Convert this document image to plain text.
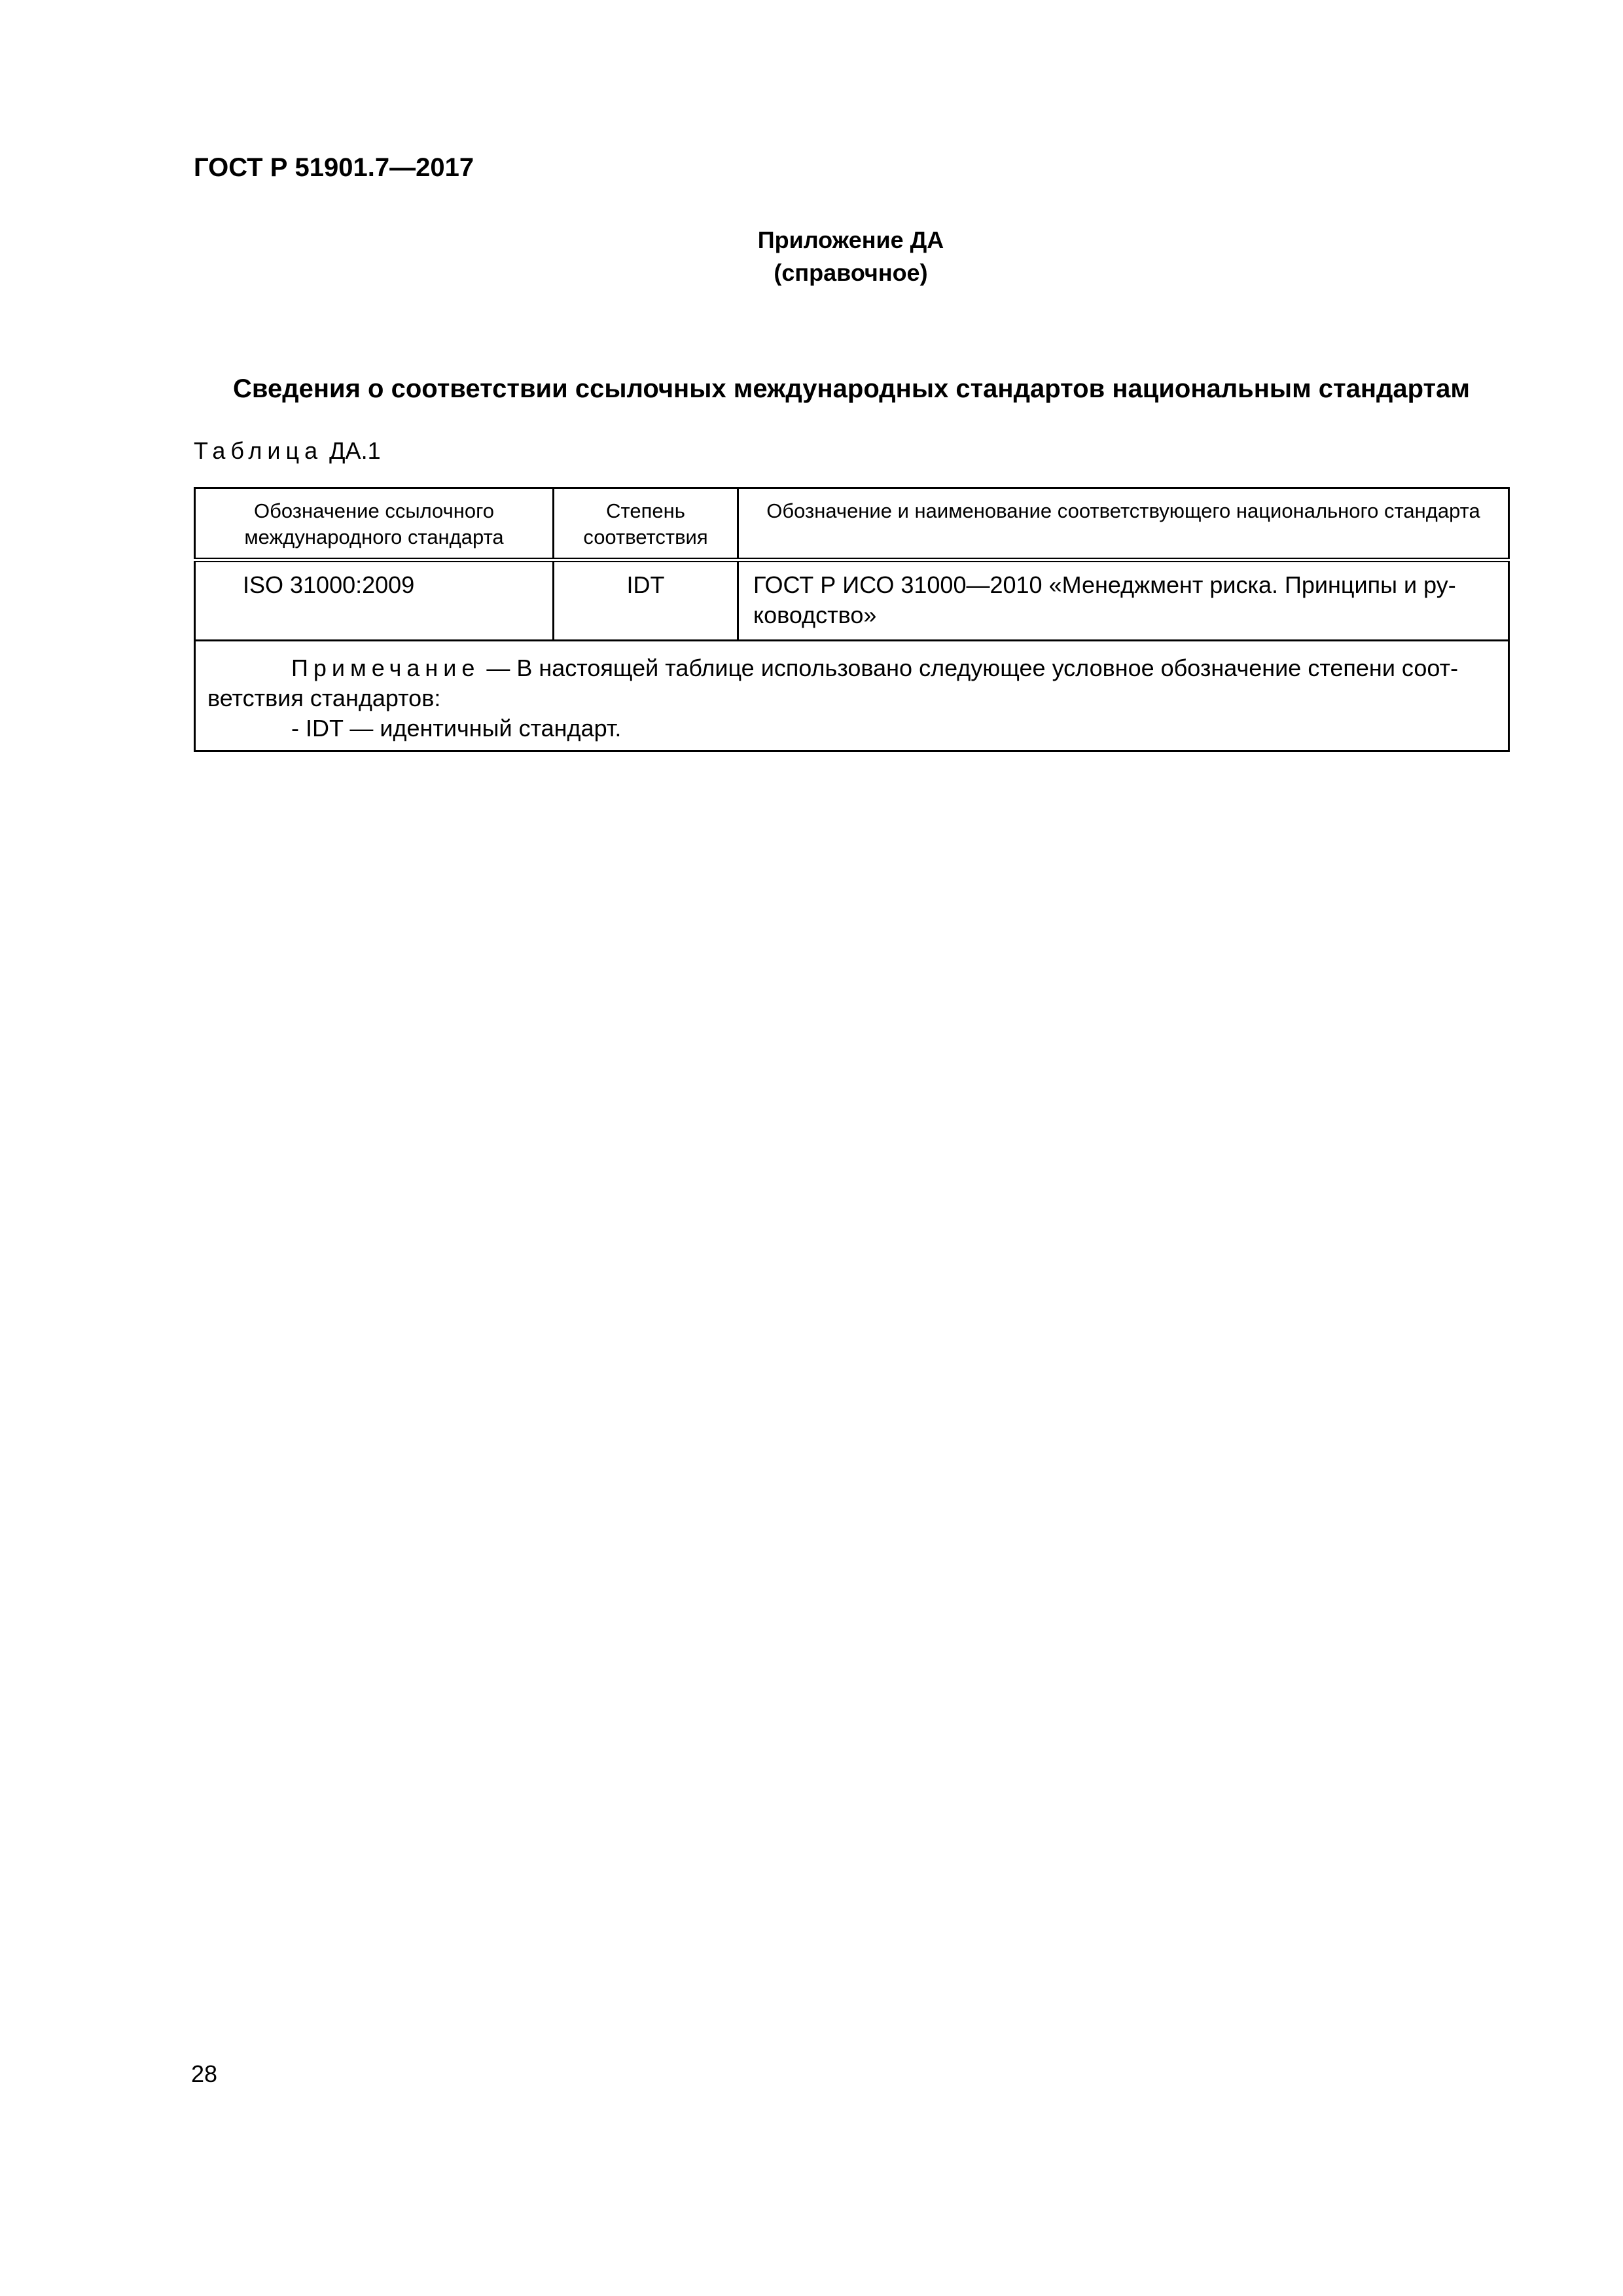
ГОСТ Р 51901.7—2017
Приложение ДА
(справочное)
Сведения о соответствии ссылочных международных стандартов национальным стандартам
Таблица ДА.1
Обозначение ссылочного международного стандарта	Степень соответствия	Обозначение и наименование соответствующего национального стандарта
ISO 31000:2009	IDT	ГОСТ Р ИСО 31000—2010 «Менеджмент риска. Принципы и ру-ководство»

Примечание — В настоящей таблице использовано следующее условное обозначение степени соот-ветствия стандартов:
- IDT — идентичный стандарт.		
28
